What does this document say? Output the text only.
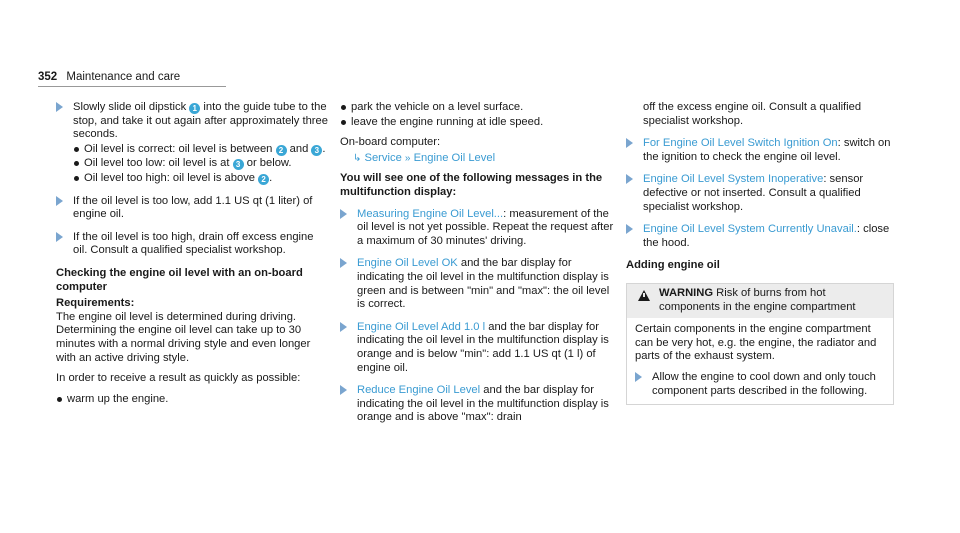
352 Maintenance and care
Slowly slide oil dipstick 1 into the guide tube to the stop, and take it out again after approximately three seconds.
Oil level is correct: oil level is between 2 and 3 .
Oil level too low: oil level is at 3 or below.
Oil level too high: oil level is above 2 .
If the oil level is too low, add 1.1 US qt (1 liter) of engine oil.
If the oil level is too high, drain off excess engine oil. Consult a qualified specialist workshop.
Checking the engine oil level with an on-board computer
Requirements:
The engine oil level is determined during driving. Determining the engine oil level can take up to 30 minutes with a normal driving style and even longer with an active driving style.
In order to receive a result as quickly as possible:
warm up the engine.
park the vehicle on a level surface.
leave the engine running at idle speed.
On-board computer:
↳ Service » Engine Oil Level
You will see one of the following messages in the multifunction display:
Measuring Engine Oil Level...: measurement of the oil level is not yet possible. Repeat the request after a maximum of 30 minutes' driving.
Engine Oil Level OK and the bar display for indicating the oil level in the multifunction display is green and is between "min" and "max": the oil level is correct.
Engine Oil Level Add 1.0 l and the bar display for indicating the oil level in the multifunction display is orange and is below "min": add 1.1 US qt (1 l) of engine oil.
Reduce Engine Oil Level and the bar display for indicating the oil level in the multifunction display is orange and is above "max": drain
off the excess engine oil. Consult a qualified specialist workshop.
For Engine Oil Level Switch Ignition On: switch on the ignition to check the engine oil level.
Engine Oil Level System Inoperative: sensor defective or not inserted. Consult a qualified specialist workshop.
Engine Oil Level System Currently Unavail.: close the hood.
Adding engine oil
WARNING Risk of burns from hot components in the engine compartment
Certain components in the engine compartment can be very hot, e.g. the engine, the radiator and parts of the exhaust system.
Allow the engine to cool down and only touch component parts described in the following.
